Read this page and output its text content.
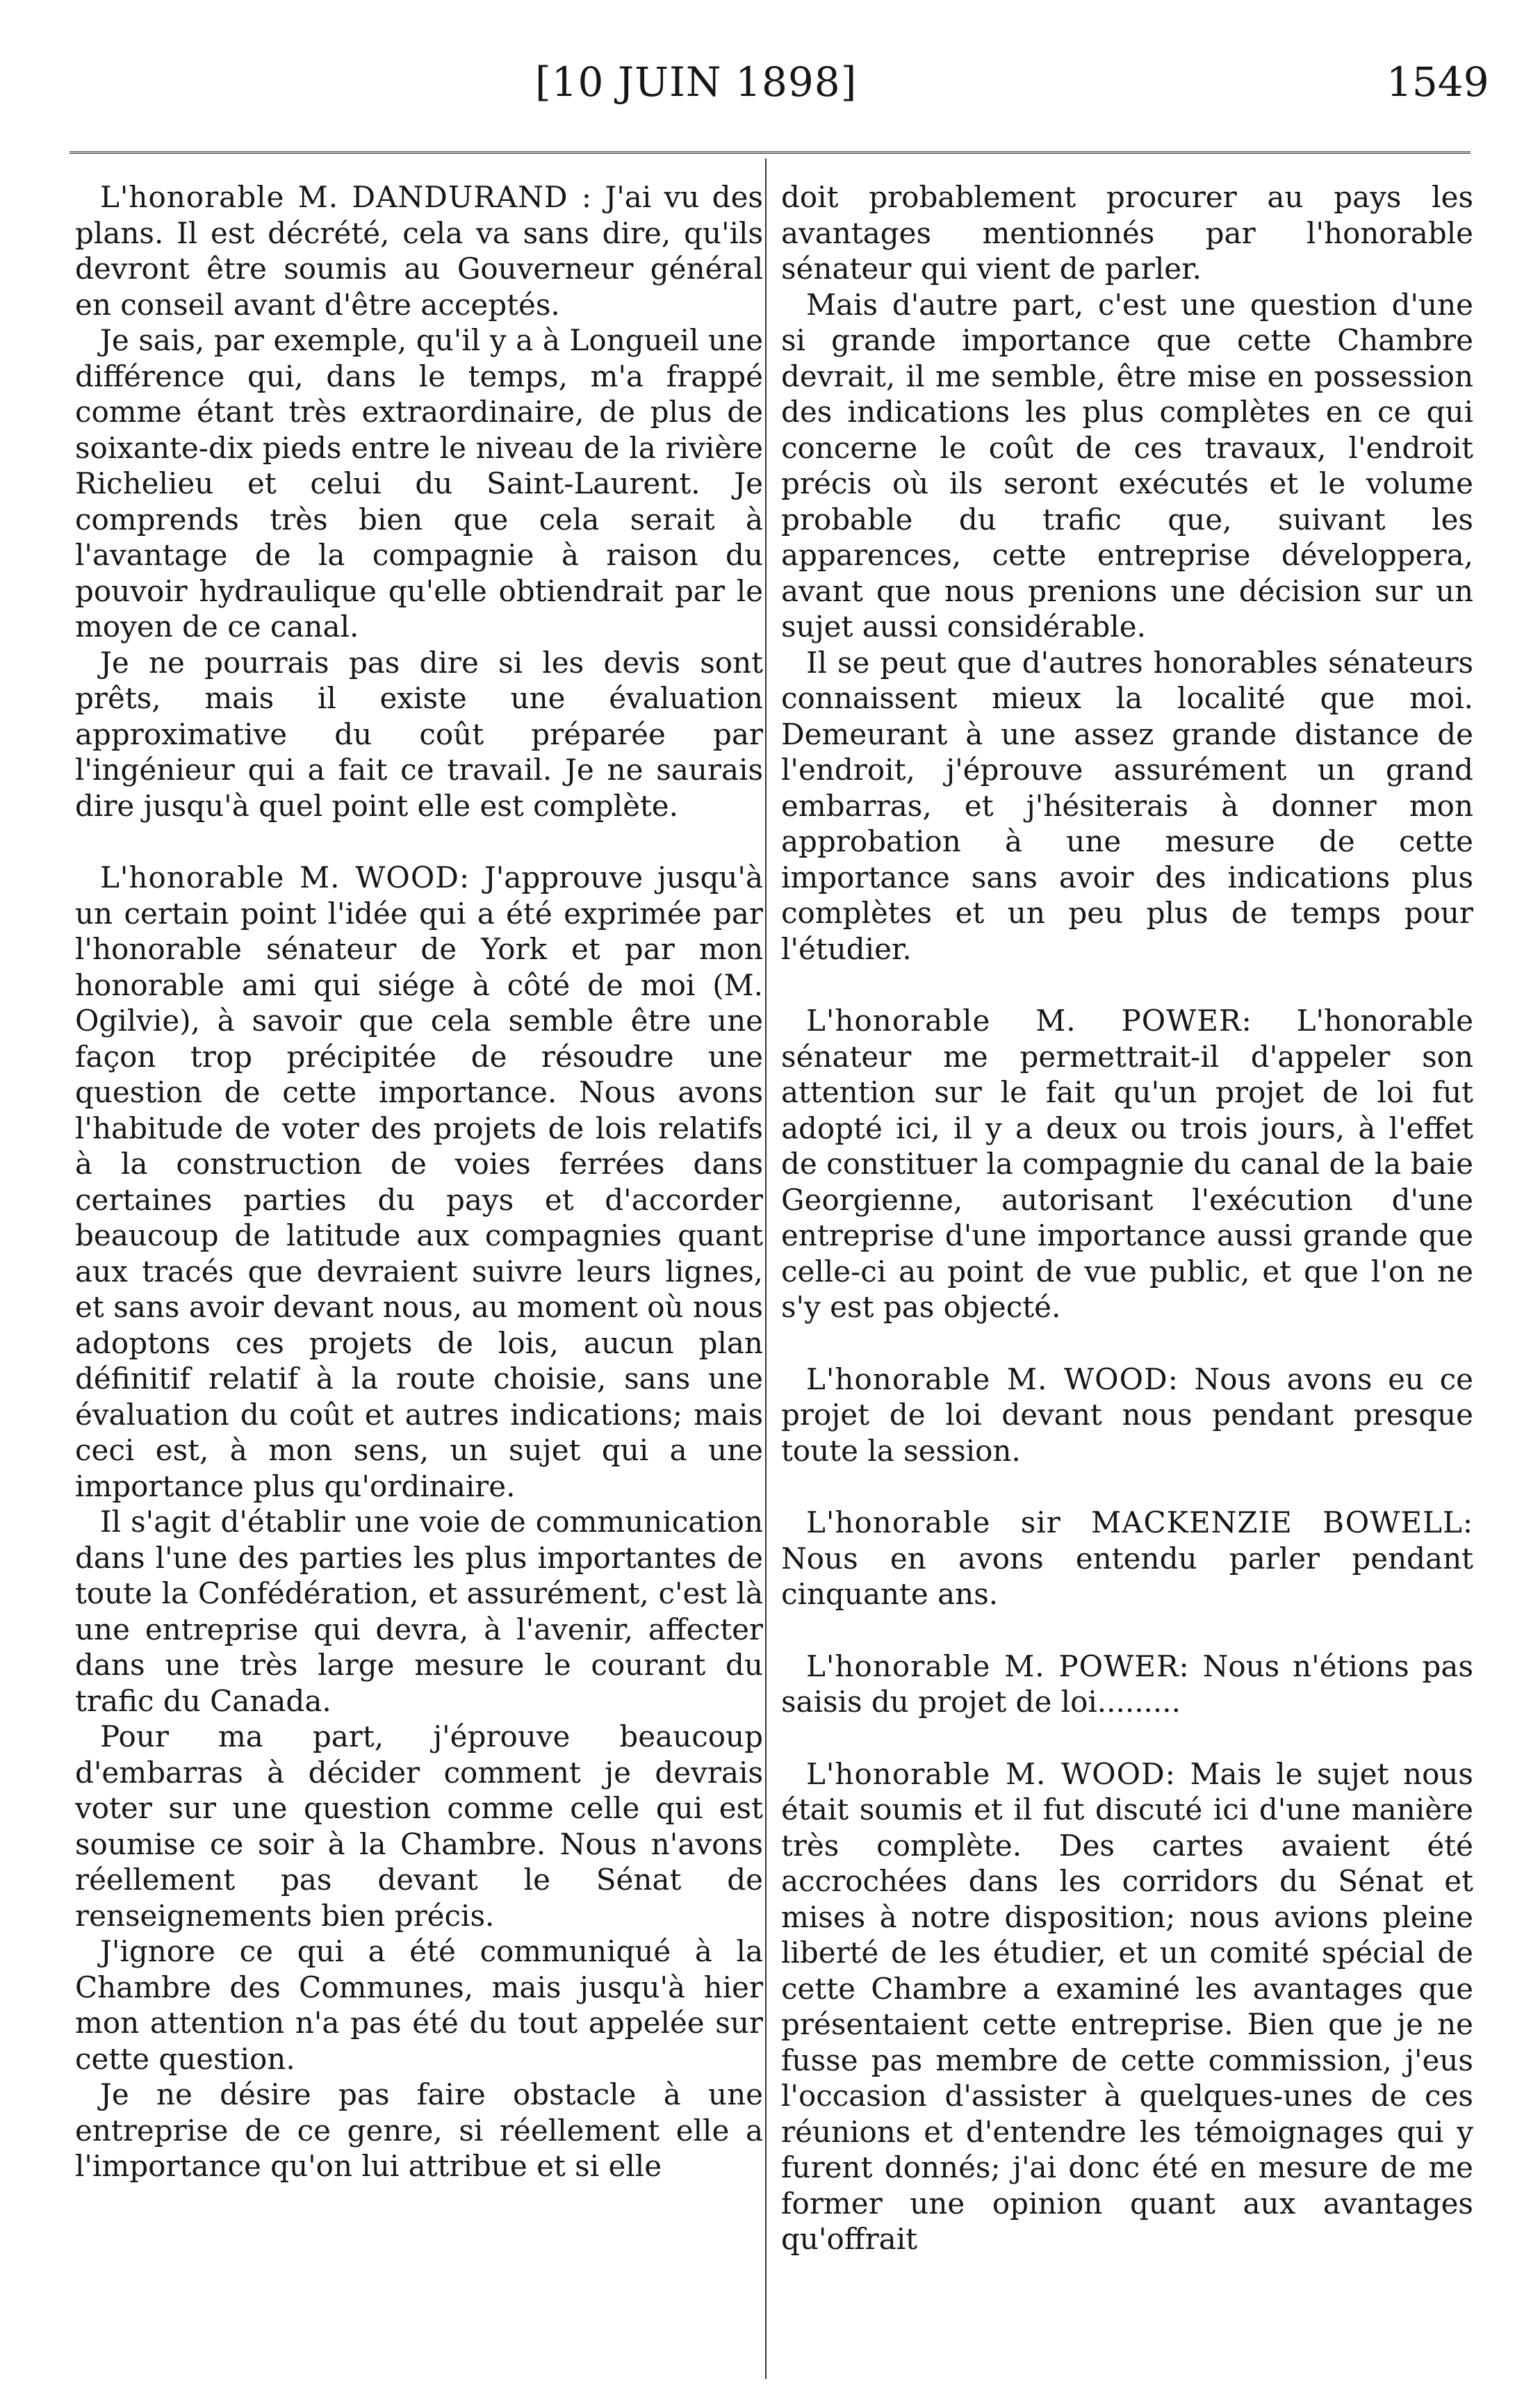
[10 JUIN 1898]	1549

L'honorable M. DANDURAND : J'ai vu des plans. Il est décrété, cela va sans dire, qu'ils devront être soumis au Gouverneur général en conseil avant d'être acceptés.

Je sais, par exemple, qu'il y a à Longueil une différence qui, dans le temps, m'a frappé comme étant très extraordinaire, de plus de soixante-dix pieds entre le niveau de la rivière Richelieu et celui du Saint-Laurent. Je comprends très bien que cela serait à l'avantage de la compagnie à raison du pouvoir hydraulique qu'elle obtiendrait par le moyen de ce canal.

Je ne pourrais pas dire si les devis sont prêts, mais il existe une évaluation approximative du coût préparée par l'ingénieur qui a fait ce travail. Je ne saurais dire jusqu'à quel point elle est complète.

L'honorable M. WOOD: J'approuve jusqu'à un certain point l'idée qui a été exprimée par l'honorable sénateur de York et par mon honorable ami qui siége à côté de moi (M. Ogilvie), à savoir que cela semble être une façon trop précipitée de résoudre une question de cette importance. Nous avons l'habitude de voter des projets de lois relatifs à la construction de voies ferrées dans certaines parties du pays et d'accorder beaucoup de latitude aux compagnies quant aux tracés que devraient suivre leurs lignes, et sans avoir devant nous, au moment où nous adoptons ces projets de lois, aucun plan définitif relatif à la route choisie, sans une évaluation du coût et autres indications; mais ceci est, à mon sens, un sujet qui a une importance plus qu'ordinaire.

Il s'agit d'établir une voie de communication dans l'une des parties les plus importantes de toute la Confédération, et assurément, c'est là une entreprise qui devra, à l'avenir, affecter dans une très large mesure le courant du trafic du Canada.

Pour ma part, j'éprouve beaucoup d'embarras à décider comment je devrais voter sur une question comme celle qui est soumise ce soir à la Chambre. Nous n'avons réellement pas devant le Sénat de renseignements bien précis.

J'ignore ce qui a été communiqué à la Chambre des Communes, mais jusqu'à hier mon attention n'a pas été du tout appelée sur cette question.

Je ne désire pas faire obstacle à une entreprise de ce genre, si réellement elle a l'importance qu'on lui attribue et si elle

doit probablement procurer au pays les avantages mentionnés par l'honorable sénateur qui vient de parler.

Mais d'autre part, c'est une question d'une si grande importance que cette Chambre devrait, il me semble, être mise en possession des indications les plus complètes en ce qui concerne le coût de ces travaux, l'endroit précis où ils seront exécutés et le volume probable du trafic que, suivant les apparences, cette entreprise développera, avant que nous prenions une décision sur un sujet aussi considérable.

Il se peut que d'autres honorables sénateurs connaissent mieux la localité que moi. Demeurant à une assez grande distance de l'endroit, j'éprouve assurément un grand embarras, et j'hésiterais à donner mon approbation à une mesure de cette importance sans avoir des indications plus complètes et un peu plus de temps pour l'étudier.

L'honorable M. POWER: L'honorable sénateur me permettrait-il d'appeler son attention sur le fait qu'un projet de loi fut adopté ici, il y a deux ou trois jours, à l'effet de constituer la compagnie du canal de la baie Georgienne, autorisant l'exécution d'une entreprise d'une importance aussi grande que celle-ci au point de vue public, et que l'on ne s'y est pas objecté.

L'honorable M. WOOD: Nous avons eu ce projet de loi devant nous pendant presque toute la session.

L'honorable sir MACKENZIE BOWELL: Nous en avons entendu parler pendant cinquante ans.

L'honorable M. POWER: Nous n'étions pas saisis du projet de loi.........

L'honorable M. WOOD: Mais le sujet nous était soumis et il fut discuté ici d'une manière très complète. Des cartes avaient été accrochées dans les corridors du Sénat et mises à notre disposition; nous avions pleine liberté de les étudier, et un comité spécial de cette Chambre a examiné les avantages que présentaient cette entreprise. Bien que je ne fusse pas membre de cette commission, j'eus l'occasion d'assister à quelques-unes de ces réunions et d'entendre les témoignages qui y furent donnés; j'ai donc été en mesure de me former une opinion quant aux avantages qu'offrait
